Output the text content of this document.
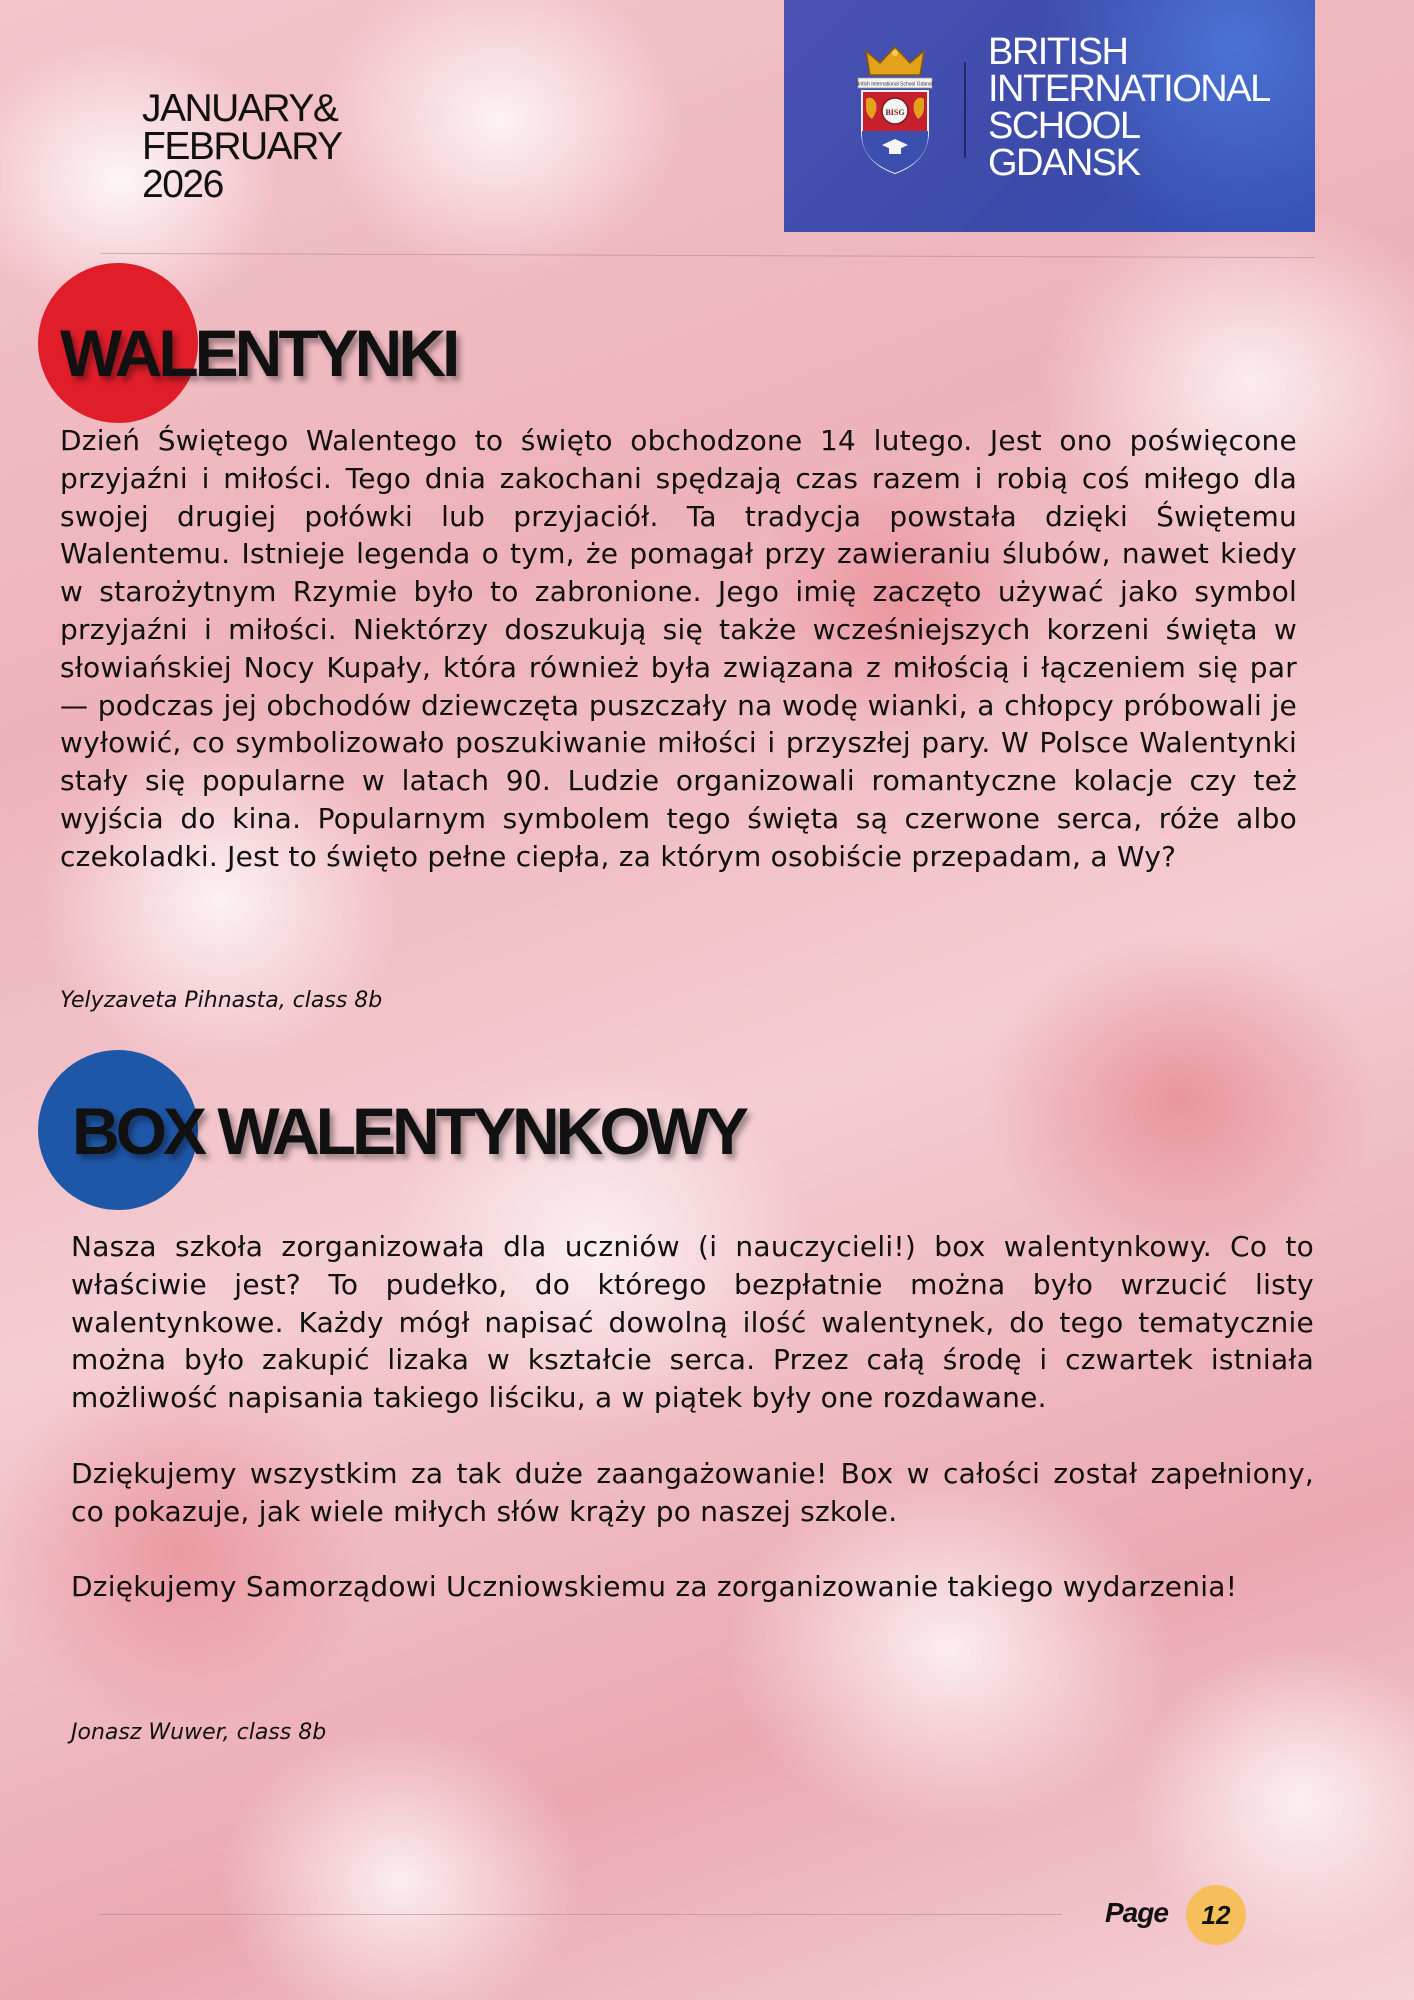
JANUARY&
FEBRUARY
2026
British International School Gdansk
BISG
BRITISH
INTERNATIONAL
SCHOOL
GDANSK
WALENTYNKI

Dzień Świętego Walentego to święto obchodzone 14 lutego. Jest ono poświęcone przyjaźni i miłości. Tego dnia zakochani spędzają czas razem i robią coś miłego dla swojej drugiej połówki lub przyjaciół. Ta tradycja powstała dzięki Świętemu Walentemu. Istnieje legenda o tym, że pomagał przy zawieraniu ślubów, nawet kiedy w starożytnym Rzymie było to zabronione. Jego imię zaczęto używać jako symbol przyjaźni i miłości. Niektórzy doszukują się także wcześniejszych korzeni święta w słowiańskiej Nocy Kupały, która również była związana z miłością i łączeniem się par — podczas jej obchodów dziewczęta puszczały na wodę wianki, a chłopcy próbowali je wyłowić, co symbolizowało poszukiwanie miłości i przyszłej pary. W Polsce Walentynki stały się popularne w latach 90. Ludzie organizowali romantyczne kolacje czy też wyjścia do kina. Popularnym symbolem tego święta są czerwone serca, róże albo czekoladki. Jest to święto pełne ciepła, za którym osobiście przepadam, a Wy?

Yelyzaveta Pihnasta, class 8b
BOX WALENTYNKOWY

Nasza szkoła zorganizowała dla uczniów (i nauczycieli!) box walentynkowy. Co to właściwie jest? To pudełko, do którego bezpłatnie można było wrzucić listy walentynkowe. Każdy mógł napisać dowolną ilość walentynek, do tego tematycznie można było zakupić lizaka w kształcie serca. Przez całą środę i czwartek istniała możliwość napisania takiego liściku, a w piątek były one rozdawane.

Dziękujemy wszystkim za tak duże zaangażowanie! Box w całości został zapełniony, co pokazuje, jak wiele miłych słów krąży po naszej szkole.

Dziękujemy Samorządowi Uczniowskiemu za zorganizowanie takiego wydarzenia!

Jonasz Wuwer, class 8b
Page	12
